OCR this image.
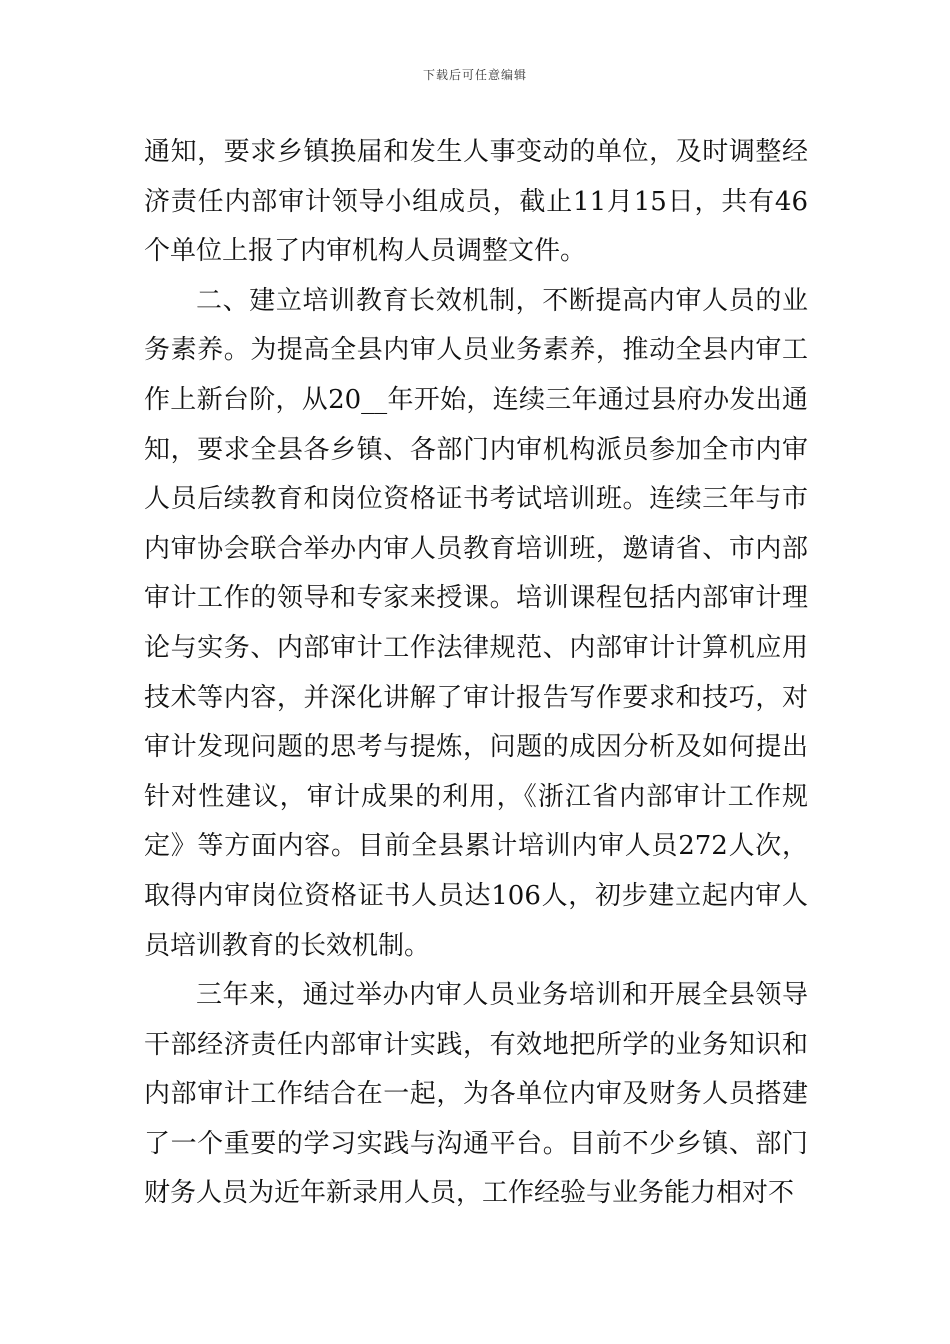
下载后可任意编辑

通知，要求乡镇换届和发生人事变动的单位，及时调整经济责任内部审计领导小组成员，截止11月15日，共有46个单位上报了内审机构人员调整文件。

二、建立培训教育长效机制，不断提高内审人员的业务素养。为提高全县内审人员业务素养，推动全县内审工作上新台阶，从20__年开始，连续三年通过县府办发出通知，要求全县各乡镇、各部门内审机构派员参加全市内审人员后续教育和岗位资格证书考试培训班。连续三年与市内审协会联合举办内审人员教育培训班，邀请省、市内部审计工作的领导和专家来授课。培训课程包括内部审计理论与实务、内部审计工作法律规范、内部审计计算机应用技术等内容，并深化讲解了审计报告写作要求和技巧，对审计发现问题的思考与提炼，问题的成因分析及如何提出针对性建议，审计成果的利用，《浙江省内部审计工作规定》等方面内容。目前全县累计培训内审人员272人次，取得内审岗位资格证书人员达106人，初步建立起内审人员培训教育的长效机制。

三年来，通过举办内审人员业务培训和开展全县领导干部经济责任内部审计实践，有效地把所学的业务知识和内部审计工作结合在一起，为各单位内审及财务人员搭建了一个重要的学习实践与沟通平台。目前不少乡镇、部门财务人员为近年新录用人员，工作经验与业务能力相对不
